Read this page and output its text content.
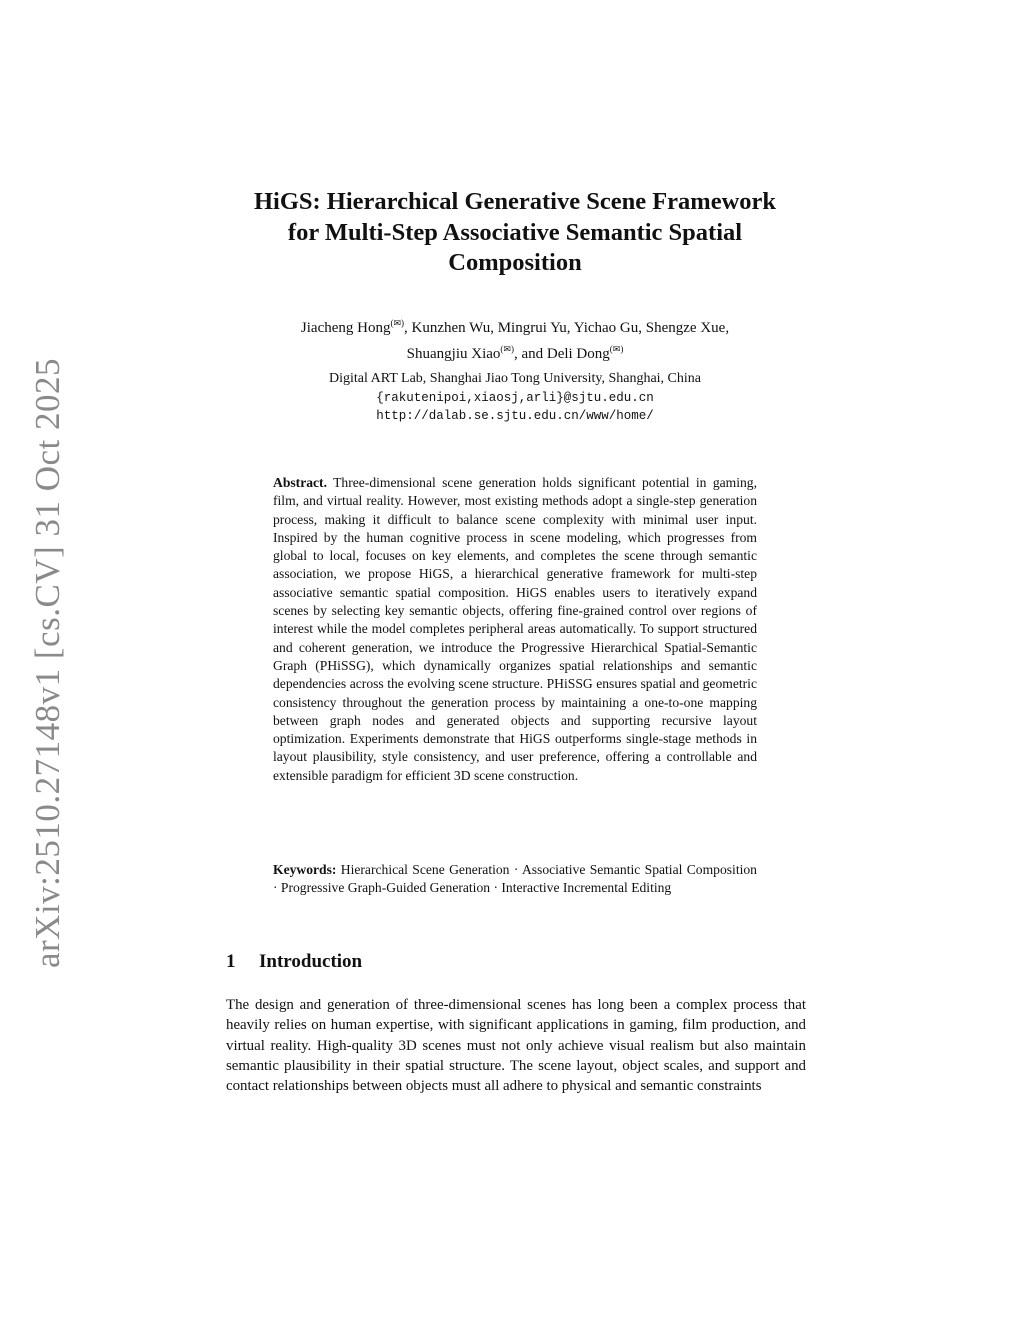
arXiv:2510.27148v1 [cs.CV] 31 Oct 2025
HiGS: Hierarchical Generative Scene Framework
for Multi-Step Associative Semantic Spatial
Composition
Jiacheng Hong(✉), Kunzhen Wu, Mingrui Yu, Yichao Gu, Shengze Xue,
Shuangjiu Xiao(✉), and Deli Dong(✉)
Digital ART Lab, Shanghai Jiao Tong University, Shanghai, China
{rakutenipoi,xiaosj,arli}@sjtu.edu.cn
http://dalab.se.sjtu.edu.cn/www/home/
Abstract. Three-dimensional scene generation holds significant potential in gaming, film, and virtual reality. However, most existing methods adopt a single-step generation process, making it difficult to balance scene complexity with minimal user input. Inspired by the human cognitive process in scene modeling, which progresses from global to local, focuses on key elements, and completes the scene through semantic association, we propose HiGS, a hierarchical generative framework for multi-step associative semantic spatial composition. HiGS enables users to iteratively expand scenes by selecting key semantic objects, offering fine-grained control over regions of interest while the model completes peripheral areas automatically. To support structured and coherent generation, we introduce the Progressive Hierarchical Spatial-Semantic Graph (PHiSSG), which dynamically organizes spatial relationships and semantic dependencies across the evolving scene structure. PHiSSG ensures spatial and geometric consistency throughout the generation process by maintaining a one-to-one mapping between graph nodes and generated objects and supporting recursive layout optimization. Experiments demonstrate that HiGS outperforms single-stage methods in layout plausibility, style consistency, and user preference, offering a controllable and extensible paradigm for efficient 3D scene construction.
Keywords: Hierarchical Scene Generation · Associative Semantic Spatial Composition · Progressive Graph-Guided Generation · Interactive Incremental Editing
1 Introduction
The design and generation of three-dimensional scenes has long been a complex process that heavily relies on human expertise, with significant applications in gaming, film production, and virtual reality. High-quality 3D scenes must not only achieve visual realism but also maintain semantic plausibility in their spatial structure. The scene layout, object scales, and support and contact relationships between objects must all adhere to physical and semantic constraints
